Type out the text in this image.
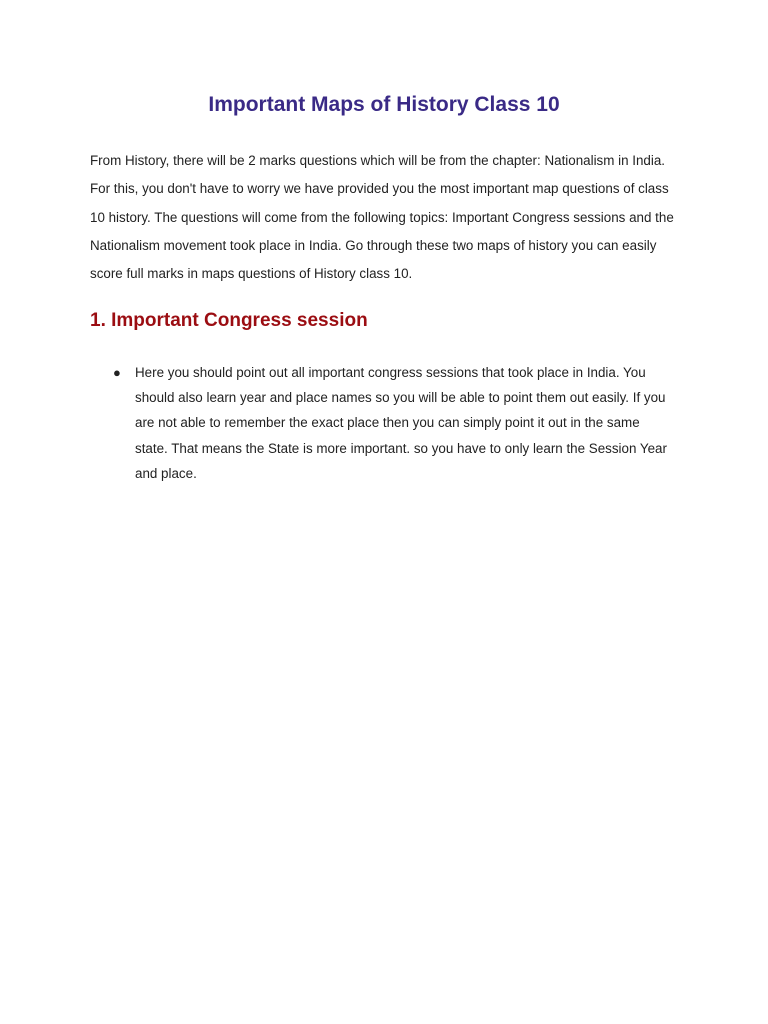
Important Maps of History Class 10

From History, there will be 2 marks questions which will be from the chapter: Nationalism in India. For this, you don't have to worry we have provided you the most important map questions of class 10 history. The questions will come from the following topics: Important Congress sessions and the Nationalism movement took place in India. Go through these two maps of history you can easily score full marks in maps questions of History class 10.

1. Important Congress session
● Here you should point out all important congress sessions that took place in India. You should also learn year and place names so you will be able to point them out easily. If you are not able to remember the exact place then you can simply point it out in the same state. That means the State is more important. so you have to only learn the Session Year and place.
